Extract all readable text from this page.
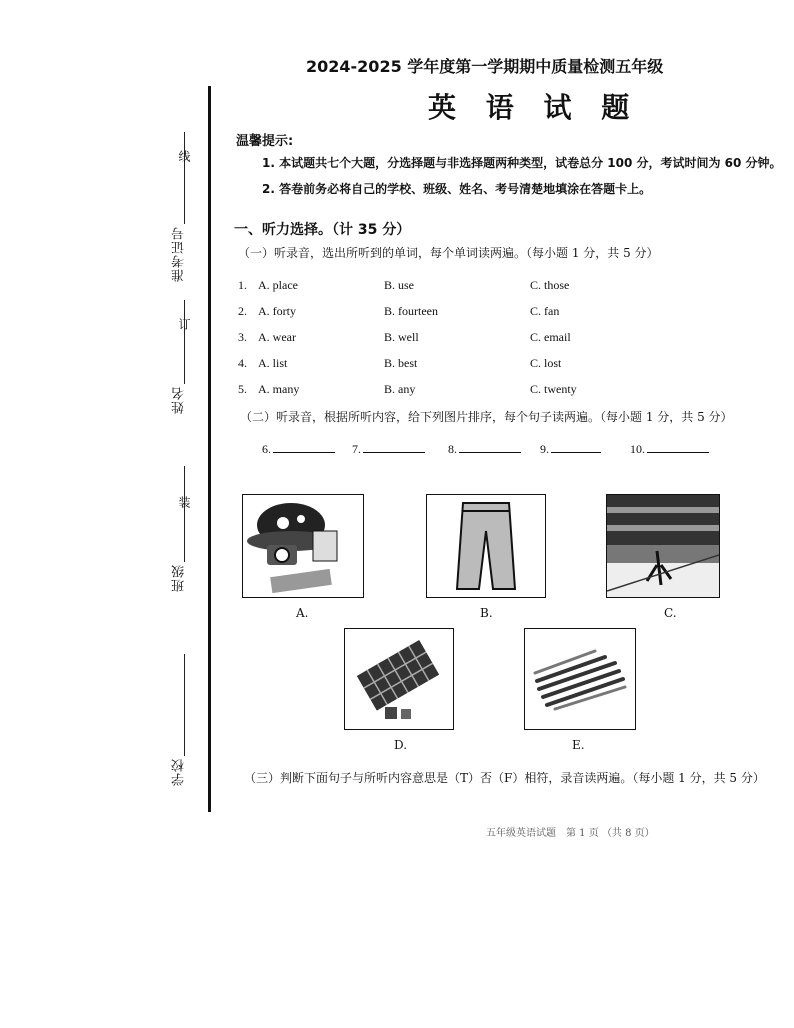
准考证号
姓名
班级
学校
线
订
装
2024-2025 学年度第一学期期中质量检测五年级
英 语 试 题
温馨提示:
1. 本试题共七个大题，分选择题与非选择题两种类型，试卷总分 100 分，考试时间为 60 分钟。
2. 答卷前务必将自己的学校、班级、姓名、考号清楚地填涂在答题卡上。
一、听力选择。（计 35 分）
（一）听录音，选出所听到的单词，每个单词读两遍。（每小题 1 分，共 5 分）
1. A. place	B. use	C. those
2. A. forty	B. fourteen	C. fan
3. A. wear	B. well	C. email
4. A. list	B. best	C. lost
5. A. many	B. any	C. twenty
（二）听录音，根据所听内容，给下列图片排序，每个句子读两遍。（每小题 1 分，共 5 分）
6.	7.	8.	9.	10.
A.	B.	C.
D.	E.
（三）判断下面句子与所听内容意思是（T）否（F）相符，录音读两遍。（每小题 1 分，共 5 分）
五年级英语试题　第 1 页 （共 8 页）
